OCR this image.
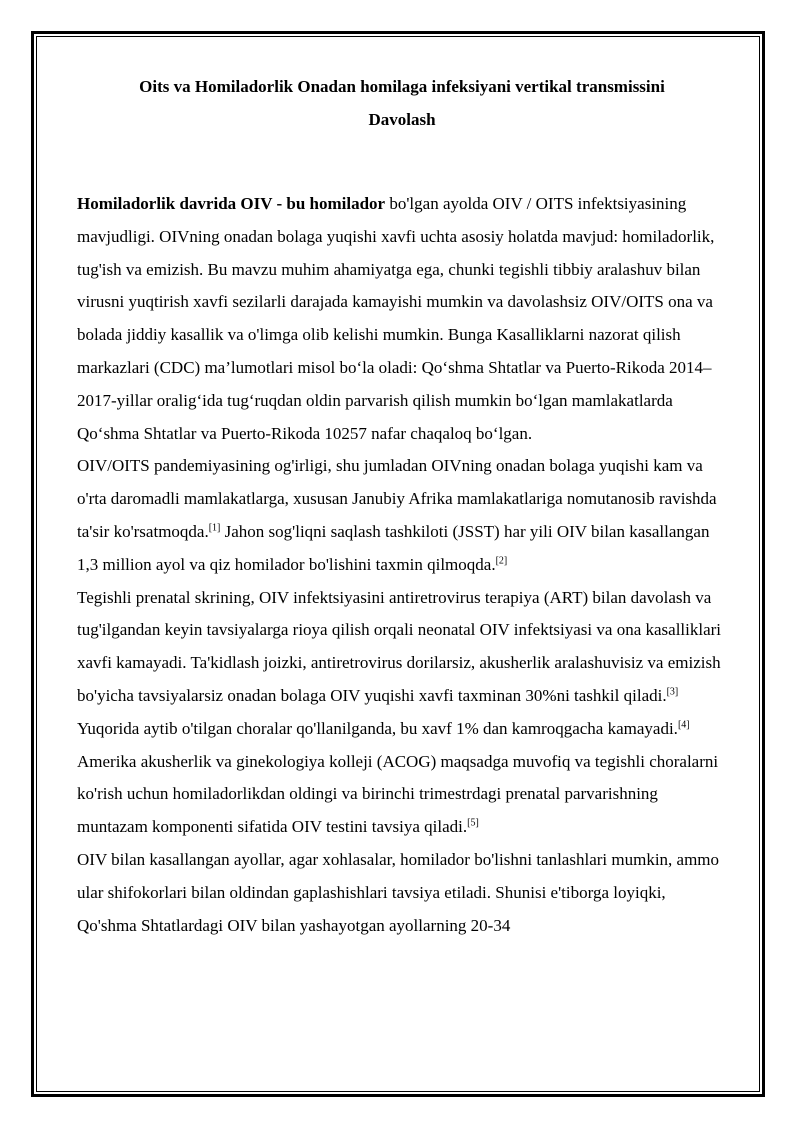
Oits va Homiladorlik Onadan homilaga infeksiyani vertikal transmissini
Davolash

Homiladorlik davrida OIV - bu homilador bo'lgan ayolda OIV / OITS infektsiyasining mavjudligi. OIVning onadan bolaga yuqishi xavfi uchta asosiy holatda mavjud: homiladorlik, tug'ish va emizish. Bu mavzu muhim ahamiyatga ega, chunki tegishli tibbiy aralashuv bilan virusni yuqtirish xavfi sezilarli darajada kamayishi mumkin va davolashsiz OIV/OITS ona va bolada jiddiy kasallik va o'limga olib kelishi mumkin. Bunga Kasalliklarni nazorat qilish markazlari (CDC) ma’lumotlari misol bo‘la oladi: Qo‘shma Shtatlar va Puerto-Rikoda 2014–2017-yillar oralig‘ida tug‘ruqdan oldin parvarish qilish mumkin bo‘lgan mamlakatlarda Qo‘shma Shtatlar va Puerto-Rikoda 10257 nafar chaqaloq bo‘lgan.

OIV/OITS pandemiyasining og'irligi, shu jumladan OIVning onadan bolaga yuqishi kam va o'rta daromadli mamlakatlarga, xususan Janubiy Afrika mamlakatlariga nomutanosib ravishda ta'sir ko'rsatmoqda.[1] Jahon sog'liqni saqlash tashkiloti (JSST) har yili OIV bilan kasallangan 1,3 million ayol va qiz homilador bo'lishini taxmin qilmoqda.[2]

Tegishli prenatal skrining, OIV infektsiyasini antiretrovirus terapiya (ART) bilan davolash va tug'ilgandan keyin tavsiyalarga rioya qilish orqali neonatal OIV infektsiyasi va ona kasalliklari xavfi kamayadi. Ta'kidlash joizki, antiretrovirus dorilarsiz, akusherlik aralashuvisiz va emizish bo'yicha tavsiyalarsiz onadan bolaga OIV yuqishi xavfi taxminan 30%ni tashkil qiladi.[3] Yuqorida aytib o'tilgan choralar qo'llanilganda, bu xavf 1% dan kamroqgacha kamayadi.[4] Amerika akusherlik va ginekologiya kolleji (ACOG) maqsadga muvofiq va tegishli choralarni ko'rish uchun homiladorlikdan oldingi va birinchi trimestrdagi prenatal parvarishning muntazam komponenti sifatida OIV testini tavsiya qiladi.[5]

OIV bilan kasallangan ayollar, agar xohlasalar, homilador bo'lishni tanlashlari mumkin, ammo ular shifokorlari bilan oldindan gaplashishlari tavsiya etiladi. Shunisi e'tiborga loyiqki, Qo'shma Shtatlardagi OIV bilan yashayotgan ayollarning 20-34
